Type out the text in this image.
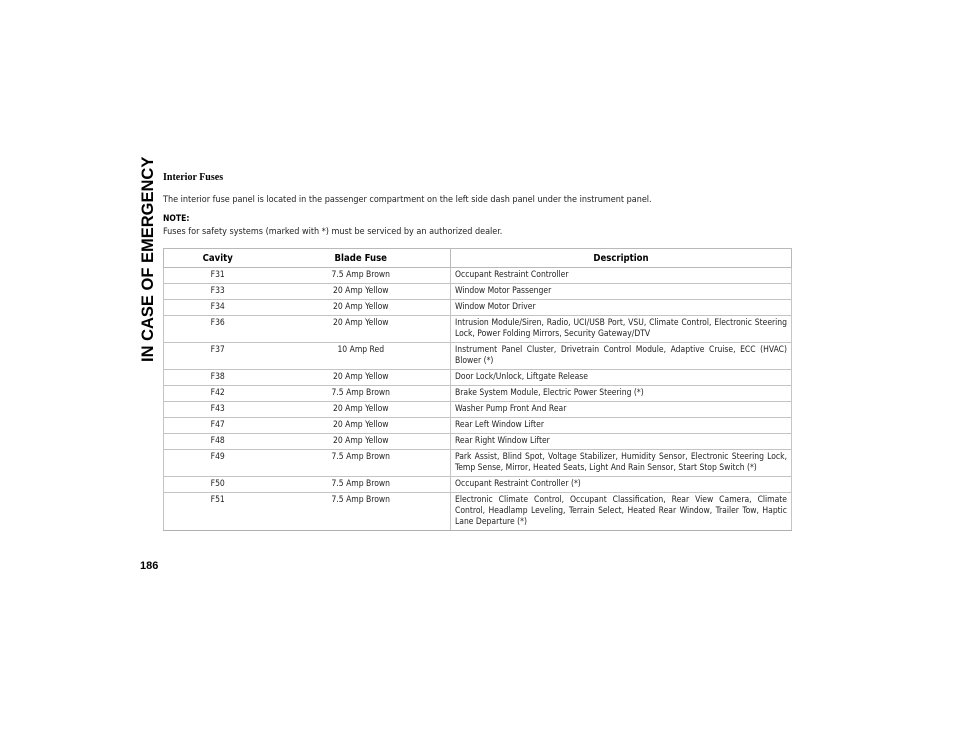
IN CASE OF EMERGENCY
186
Interior Fuses
The interior fuse panel is located in the passenger compartment on the left side dash panel under the instrument panel.
NOTE:
Fuses for safety systems (marked with *) must be serviced by an authorized dealer.
Cavity	Blade Fuse	Description
F31	7.5 Amp Brown	Occupant Restraint Controller
F33	20 Amp Yellow	Window Motor Passenger
F34	20 Amp Yellow	Window Motor Driver
F36	20 Amp Yellow	Intrusion Module/Siren, Radio, UCI/USB Port, VSU, Climate Control, Electronic Steering Lock, Power Folding Mirrors, Security Gateway/DTV
F37	10 Amp Red	Instrument Panel Cluster, Drivetrain Control Module, Adaptive Cruise, ECC (HVAC) Blower (*)
F38	20 Amp Yellow	Door Lock/Unlock, Liftgate Release
F42	7.5 Amp Brown	Brake System Module, Electric Power Steering (*)
F43	20 Amp Yellow	Washer Pump Front And Rear
F47	20 Amp Yellow	Rear Left Window Lifter
F48	20 Amp Yellow	Rear Right Window Lifter
F49	7.5 Amp Brown	Park Assist, Blind Spot, Voltage Stabilizer, Humidity Sensor, Electronic Steering Lock, Temp Sense, Mirror, Heated Seats, Light And Rain Sensor, Start Stop Switch (*)
F50	7.5 Amp Brown	Occupant Restraint Controller (*)
F51	7.5 Amp Brown	Electronic Climate Control, Occupant Classification, Rear View Camera, Climate Control, Headlamp Leveling, Terrain Select, Heated Rear Window, Trailer Tow, Haptic Lane Departure (*)
